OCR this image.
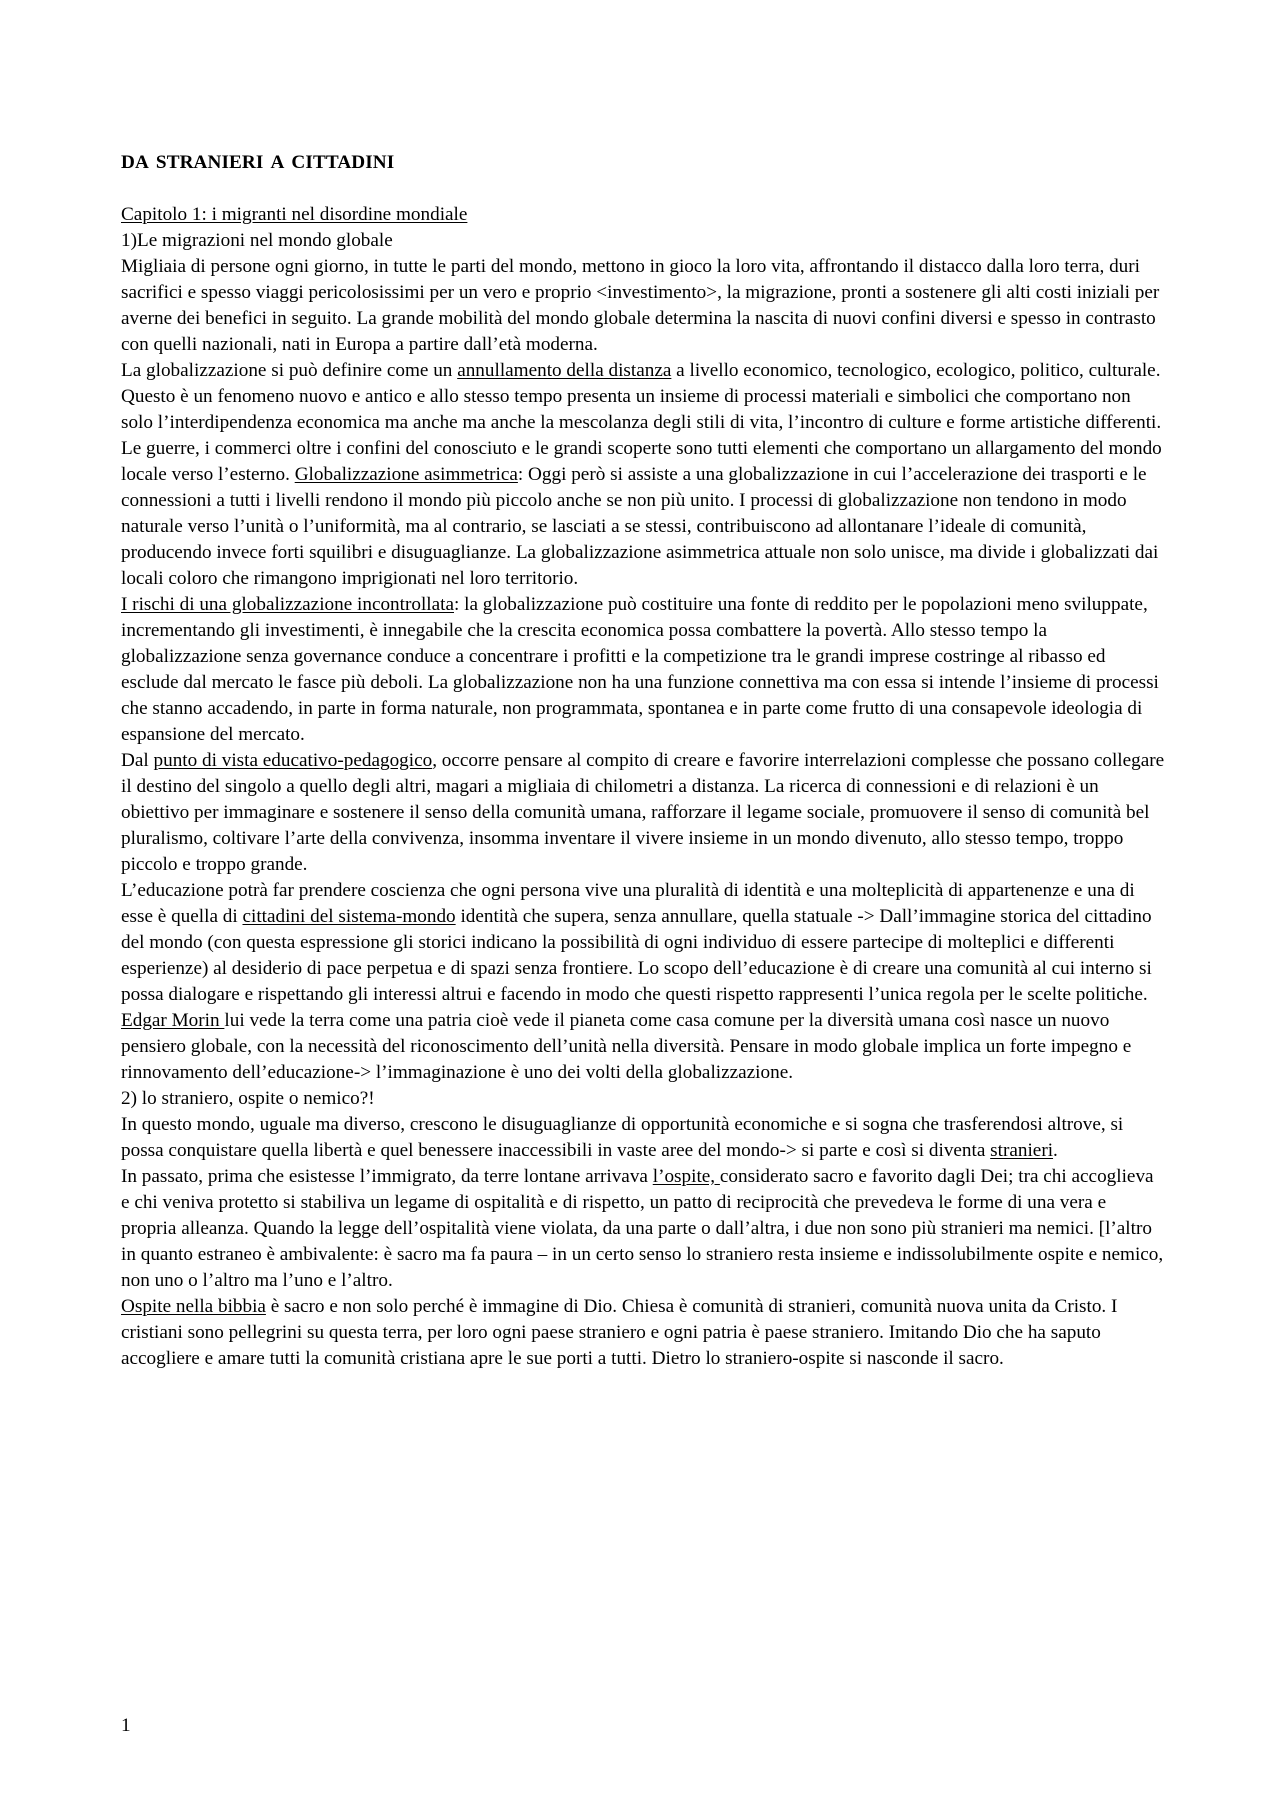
DA STRANIERI A CITTADINI
Capitolo 1: i migranti nel disordine mondiale
1)Le migrazioni nel mondo globale

Migliaia di persone ogni giorno, in tutte le parti del mondo, mettono in gioco la loro vita, affrontando il distacco dalla loro terra, duri sacrifici e spesso viaggi pericolosissimi per un vero e proprio <investimento>, la migrazione, pronti a sostenere gli alti costi iniziali per averne dei benefici in seguito. La grande mobilità del mondo globale determina la nascita di nuovi confini diversi e spesso in contrasto con quelli nazionali, nati in Europa a partire dall’età moderna.

La globalizzazione si può definire come un annullamento della distanza a livello economico, tecnologico, ecologico, politico, culturale. Questo è un fenomeno nuovo e antico e allo stesso tempo presenta un insieme di processi materiali e simbolici che comportano non solo l’interdipendenza economica ma anche ma anche la mescolanza degli stili di vita, l’incontro di culture e forme artistiche differenti. Le guerre, i commerci oltre i confini del conosciuto e le grandi scoperte sono tutti elementi che comportano un allargamento del mondo locale verso l’esterno. Globalizzazione asimmetrica: Oggi però si assiste a una globalizzazione in cui l’accelerazione dei trasporti e le connessioni a tutti i livelli rendono il mondo più piccolo anche se non più unito. I processi di globalizzazione non tendono in modo naturale verso l’unità o l’uniformità, ma al contrario, se lasciati a se stessi, contribuiscono ad allontanare l’ideale di comunità, producendo invece forti squilibri e disuguaglianze. La globalizzazione asimmetrica attuale non solo unisce, ma divide i globalizzati dai locali coloro che rimangono imprigionati nel loro territorio.

I rischi di una globalizzazione incontrollata: la globalizzazione può costituire una fonte di reddito per le popolazioni meno sviluppate, incrementando gli investimenti, è innegabile che la crescita economica possa combattere la povertà. Allo stesso tempo la globalizzazione senza governance conduce a concentrare i profitti e la competizione tra le grandi imprese costringe al ribasso ed esclude dal mercato le fasce più deboli. La globalizzazione non ha una funzione connettiva ma con essa si intende l’insieme di processi che stanno accadendo, in parte in forma naturale, non programmata, spontanea e in parte come frutto di una consapevole ideologia di espansione del mercato.

Dal punto di vista educativo-pedagogico, occorre pensare al compito di creare e favorire interrelazioni complesse che possano collegare il destino del singolo a quello degli altri, magari a migliaia di chilometri a distanza. La ricerca di connessioni e di relazioni è un obiettivo per immaginare e sostenere il senso della comunità umana, rafforzare il legame sociale, promuovere il senso di comunità bel pluralismo, coltivare l’arte della convivenza, insomma inventare il vivere insieme in un mondo divenuto, allo stesso tempo, troppo piccolo e troppo grande.

L’educazione potrà far prendere coscienza che ogni persona vive una pluralità di identità e una molteplicità di appartenenze e una di esse è quella di cittadini del sistema-mondo identità che supera, senza annullare, quella statuale -> Dall’immagine storica del cittadino del mondo (con questa espressione gli storici indicano la possibilità di ogni individuo di essere partecipe di molteplici e differenti esperienze) al desiderio di pace perpetua e di spazi senza frontiere. Lo scopo dell’educazione è di creare una comunità al cui interno si possa dialogare e rispettando gli interessi altrui e facendo in modo che questi rispetto rappresenti l’unica regola per le scelte politiche.

Edgar Morin lui vede la terra come una patria cioè vede il pianeta come casa comune per la diversità umana così nasce un nuovo pensiero globale, con la necessità del riconoscimento dell’unità nella diversità. Pensare in modo globale implica un forte impegno e rinnovamento dell’educazione-> l’immaginazione è uno dei volti della globalizzazione.

2) lo straniero, ospite o nemico?!

In questo mondo, uguale ma diverso, crescono le disuguaglianze di opportunità economiche e si sogna che trasferendosi altrove, si possa conquistare quella libertà e quel benessere inaccessibili in vaste aree del mondo-> si parte e così si diventa stranieri.

In passato, prima che esistesse l’immigrato, da terre lontane arrivava l’ospite, considerato sacro e favorito dagli Dei; tra chi accoglieva e chi veniva protetto si stabiliva un legame di ospitalità e di rispetto, un patto di reciprocità che prevedeva le forme di una vera e propria alleanza. Quando la legge dell’ospitalità viene violata, da una parte o dall’altra, i due non sono più stranieri ma nemici. [l’altro in quanto estraneo è ambivalente: è sacro ma fa paura – in un certo senso lo straniero resta insieme e indissolubilmente ospite e nemico, non uno o l’altro ma l’uno e l’altro.

Ospite nella bibbia è sacro e non solo perché è immagine di Dio. Chiesa è comunità di stranieri, comunità nuova unita da Cristo. I cristiani sono pellegrini su questa terra, per loro ogni paese straniero e ogni patria è paese straniero. Imitando Dio che ha saputo accogliere e amare tutti la comunità cristiana apre le sue porti a tutti. Dietro lo straniero-ospite si nasconde il sacro.

1
